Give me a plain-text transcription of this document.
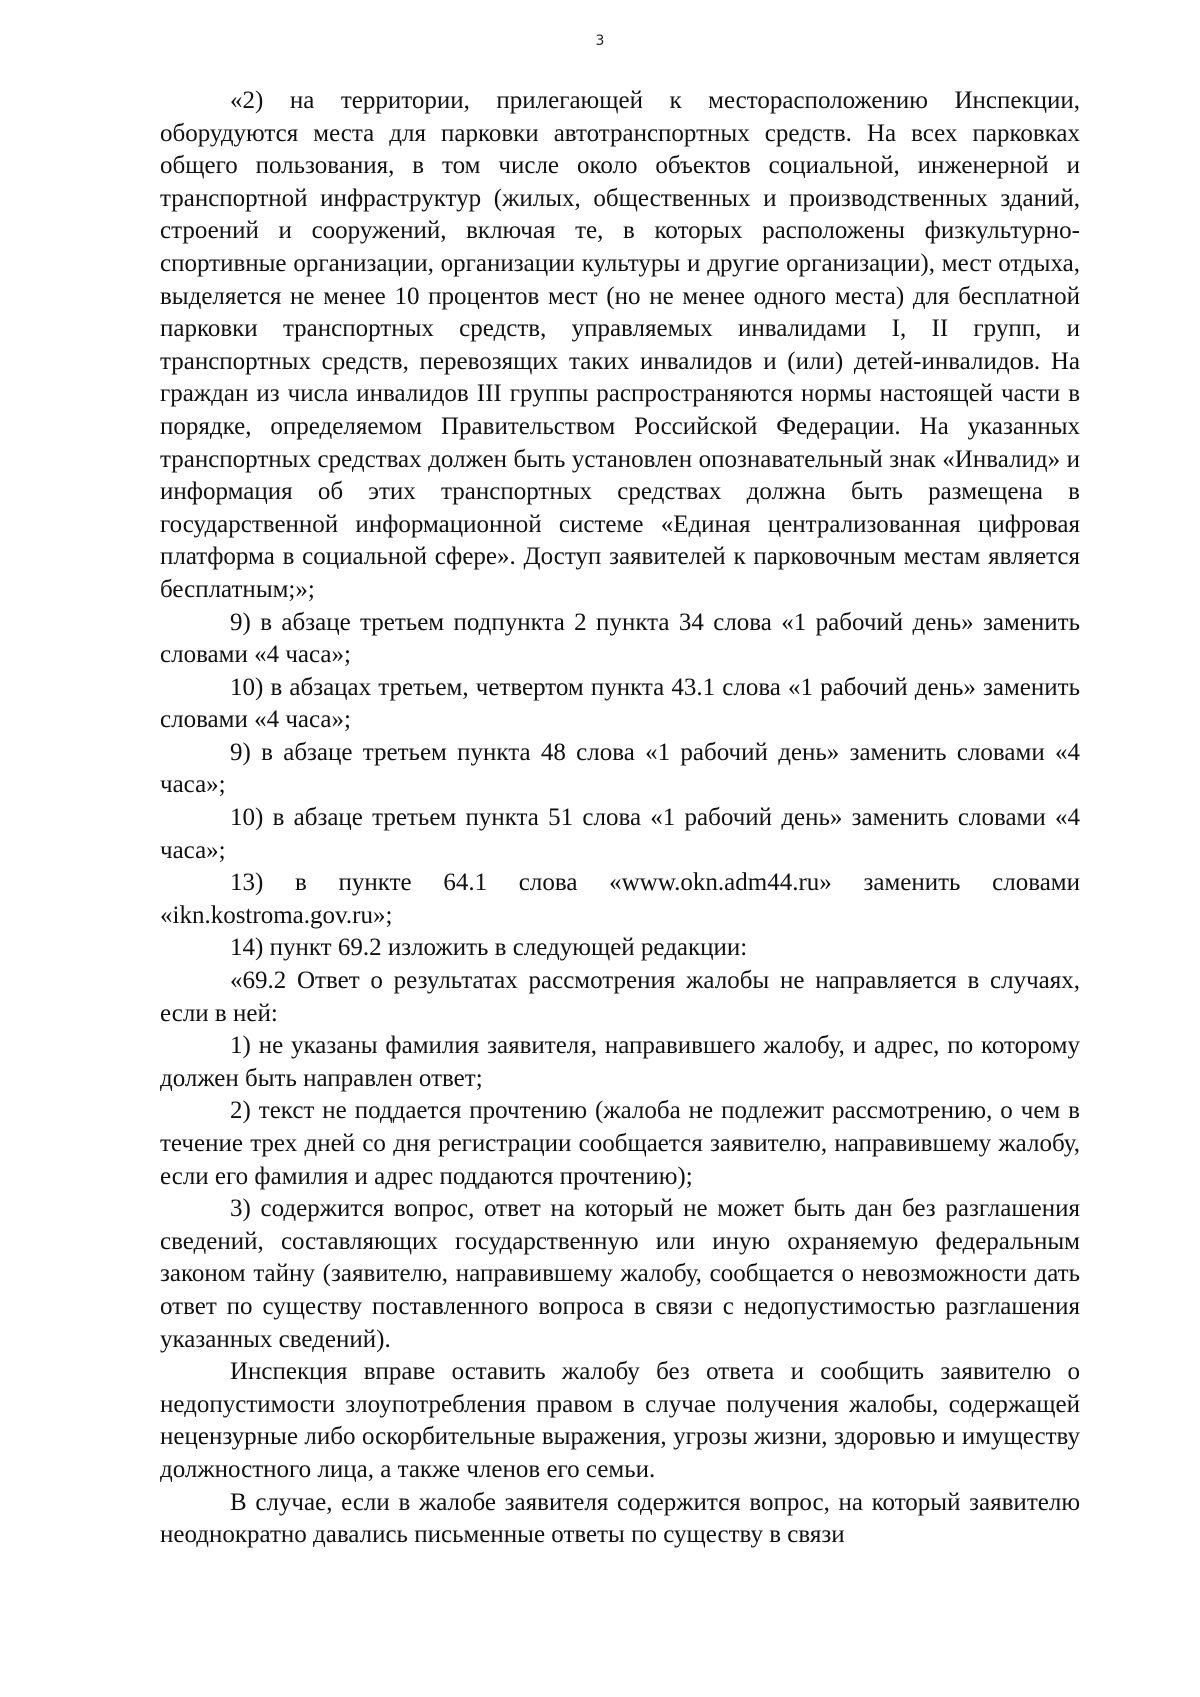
3

«2) на территории, прилегающей к месторасположению Инспекции, оборудуются места для парковки автотранспортных средств. На всех парковках общего пользования, в том числе около объектов социальной, инженерной и транспортной инфраструктур (жилых, общественных и производственных зданий, строений и сооружений, включая те, в которых расположены физкультурно-спортивные организации, организации культуры и другие организации), мест отдыха, выделяется не менее 10 процентов мест (но не менее одного места) для бесплатной парковки транспортных средств, управляемых инвалидами I, II групп, и транспортных средств, перевозящих таких инвалидов и (или) детей-инвалидов. На граждан из числа инвалидов III группы распространяются нормы настоящей части в порядке, определяемом Правительством Российской Федерации. На указанных транспортных средствах должен быть установлен опознавательный знак «Инвалид» и информация об этих транспортных средствах должна быть размещена в государственной информационной системе «Единая централизованная цифровая платформа в социальной сфере». Доступ заявителей к парковочным местам является бесплатным;»;

9) в абзаце третьем подпункта 2 пункта 34 слова «1 рабочий день» заменить словами «4 часа»;

10) в абзацах третьем, четвертом пункта 43.1 слова «1 рабочий день» заменить словами «4 часа»;

9) в абзаце третьем пункта 48 слова «1 рабочий день» заменить словами «4 часа»;

10) в абзаце третьем пункта 51 слова «1 рабочий день» заменить словами «4 часа»;

13) в пункте 64.1 слова «www.okn.adm44.ru» заменить словами «ikn.kostroma.gov.ru»;

14) пункт 69.2 изложить в следующей редакции:

«69.2 Ответ о результатах рассмотрения жалобы не направляется в случаях, если в ней:

1) не указаны фамилия заявителя, направившего жалобу, и адрес, по которому должен быть направлен ответ;

2) текст не поддается прочтению (жалоба не подлежит рассмотрению, о чем в течение трех дней со дня регистрации сообщается заявителю, направившему жалобу, если его фамилия и адрес поддаются прочтению);

3) содержится вопрос, ответ на который не может быть дан без разглашения сведений, составляющих государственную или иную охраняемую федеральным законом тайну (заявителю, направившему жалобу, сообщается о невозможности дать ответ по существу поставленного вопроса в связи с недопустимостью разглашения указанных сведений).

Инспекция вправе оставить жалобу без ответа и сообщить заявителю о недопустимости злоупотребления правом в случае получения жалобы, содержащей нецензурные либо оскорбительные выражения, угрозы жизни, здоровью и имуществу должностного лица, а также членов его семьи.

В случае, если в жалобе заявителя содержится вопрос, на который заявителю неоднократно давались письменные ответы по существу в связи
